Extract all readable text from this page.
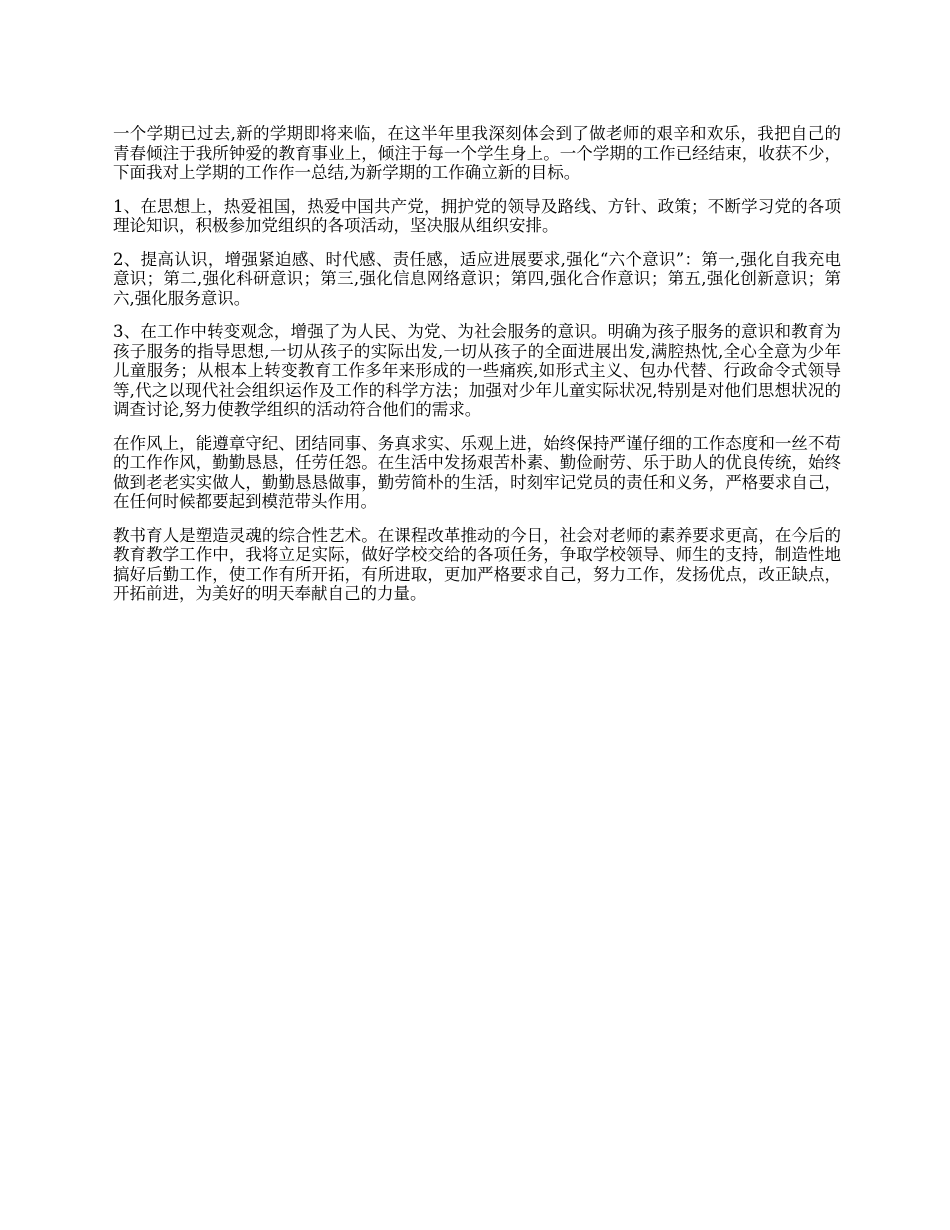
一个学期已过去,新的学期即将来临，在这半年里我深刻体会到了做老师的艰辛和欢乐，我把自己的青春倾注于我所钟爱的教育事业上，倾注于每一个学生身上。一个学期的工作已经结束，收获不少，下面我对上学期的工作作一总结,为新学期的工作确立新的目标。

1、在思想上，热爱祖国，热爱中国共产党，拥护党的领导及路线、方针、政策；不断学习党的各项理论知识，积极参加党组织的各项活动，坚决服从组织安排。

2、提高认识，增强紧迫感、时代感、责任感，适应进展要求,强化“六个意识”：第一,强化自我充电意识；第二,强化科研意识；第三,强化信息网络意识；第四,强化合作意识；第五,强化创新意识；第六,强化服务意识。

3、在工作中转变观念，增强了为人民、为党、为社会服务的意识。明确为孩子服务的意识和教育为孩子服务的指导思想,一切从孩子的实际出发,一切从孩子的全面进展出发,满腔热忱,全心全意为少年儿童服务；从根本上转变教育工作多年来形成的一些痛疾,如形式主义、包办代替、行政命令式领导等,代之以现代社会组织运作及工作的科学方法；加强对少年儿童实际状况,特别是对他们思想状况的调查讨论,努力使教学组织的活动符合他们的需求。

在作风上，能遵章守纪、团结同事、务真求实、乐观上进，始终保持严谨仔细的工作态度和一丝不苟的工作作风，勤勤恳恳，任劳任怨。在生活中发扬艰苦朴素、勤俭耐劳、乐于助人的优良传统，始终做到老老实实做人，勤勤恳恳做事，勤劳简朴的生活，时刻牢记党员的责任和义务，严格要求自己，在任何时候都要起到模范带头作用。

教书育人是塑造灵魂的综合性艺术。在课程改革推动的今日，社会对老师的素养要求更高，在今后的教育教学工作中，我将立足实际，做好学校交给的各项任务，争取学校领导、师生的支持，制造性地搞好后勤工作，使工作有所开拓，有所进取，更加严格要求自己，努力工作，发扬优点，改正缺点，开拓前进，为美好的明天奉献自己的力量。
